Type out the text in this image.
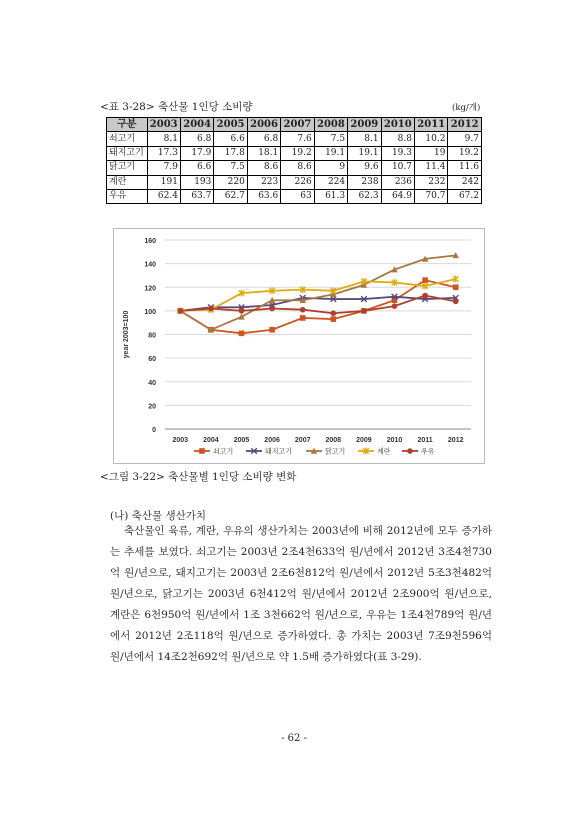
<표 3-28> 축산물 1인당 소비량	(kg/개)
구분	2003	2004	2005	2006	2007	2008	2009	2010	2011	2012
쇠고기	8.1	6.8	6.6	6.8	7.6	7.5	8.1	8.8	10.2	9.7
돼지고기	17.3	17.9	17.8	18.1	19.2	19.1	19.1	19.3	19	19.2
닭고기	7.9	6.6	7.5	8.6	8.6	9	9.6	10.7	11.4	11.6
계란	191	193	220	223	226	224	238	236	232	242
우유	62.4	63.7	62.7	63.6	63	61.3	62.3	64.9	70.7	67.2
0
20
40
60
80
100
120
140
160
2003 2004 2005 2006 2007 2008 2009 2010 2011 2012
year 2003=100
쇠고기	돼지고기	닭고기	계란	우유
<그림 3-22> 축산물별 1인당 소비량 변화
(나) 축산물 생산가치
축산물인 육류, 계란, 우유의 생산가치는 2003년에 비해 2012년에 모두 증가하는 추세를 보였다. 쇠고기는 2003년 2조4천633억 원/년에서 2012년 3조4천730억 원/년으로, 돼지고기는 2003년 2조6천812억 원/년에서 2012년 5조3천482억 원/년으로, 닭고기는 2003년 6천412억 원/년에서 2012년 2조900억 원/년으로, 계란은 6천950억 원/년에서 1조 3천662억 원/년으로, 우유는 1조4천789억 원/년에서 2012년 2조118억 원/년으로 증가하였다. 총 가치는 2003년 7조9천596억 원/년에서 14조2천692억 원/년으로 약 1.5배 증가하였다(표 3-29).
- 62 -
